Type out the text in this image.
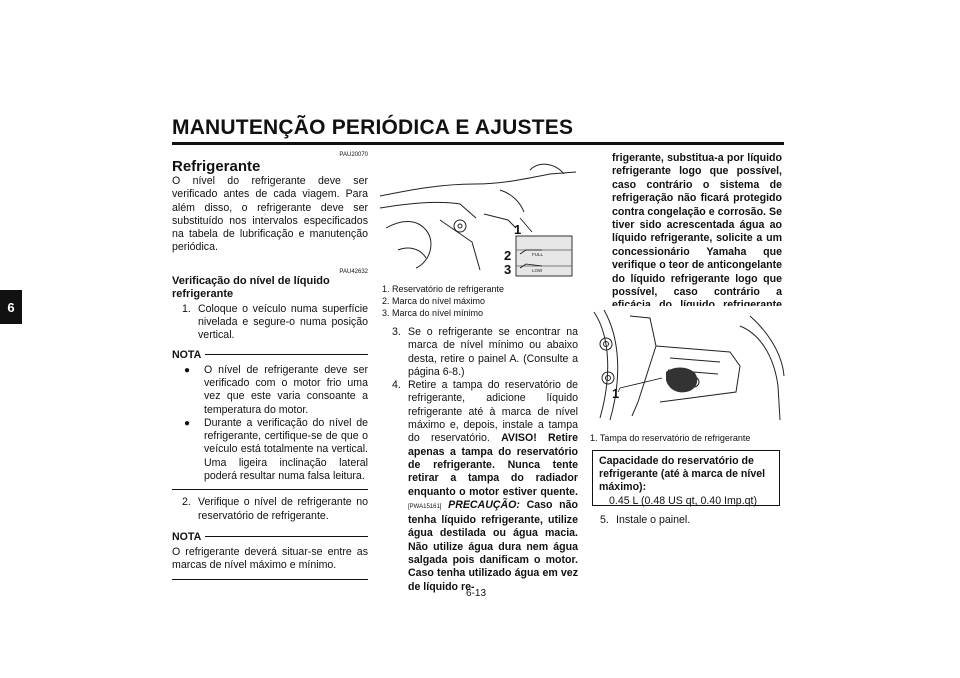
MANUTENÇÃO PERIÓDICA E AJUSTES
6
PAU20070
Refrigerante
O nível do refrigerante deve ser verificado antes de cada viagem. Para além disso, o refrigerante deve ser substituído nos intervalos especificados na tabela de lubrificação e manutenção periódica.
PAU42632
Verificação do nível de líquido refrigerante
1. Coloque o veículo numa superfície nivelada e segure-o numa posição vertical.
NOTA
●	O nível de refrigerante deve ser verificado com o motor frio uma vez que este varia consoante a temperatura do motor.
●	Durante a verificação do nível de refrigerante, certifique-se de que o veículo está totalmente na vertical. Uma ligeira inclinação lateral poderá resultar numa falsa leitura.
2. Verifique o nível de refrigerante no reservatório de refrigerante.
NOTA
O refrigerante deverá situar-se entre as marcas de nível máximo e mínimo.
FULL
LOW
1
2
3
1. Reservatório de refrigerante
2. Marca do nível máximo
3. Marca do nível mínimo
3. Se o refrigerante se encontrar na marca de nível mínimo ou abaixo desta, retire o painel A. (Consulte a página 6-8.)
4. Retire a tampa do reservatório de refrigerante, adicione líquido refrigerante até à marca de nível máximo e, depois, instale a tampa do reservatório. AVISO! Retire apenas a tampa do reservatório de refrigerante. Nunca tente retirar a tampa do radiador enquanto o motor estiver quente. [PWA15161] PRECAUÇÃO: Caso não tenha líquido refrigerante, utilize água destilada ou água macia. Não utilize água dura nem água salgada pois danificam o motor. Caso tenha utilizado água em vez de líquido re-
frigerante, substitua-a por líquido refrigerante logo que possível, caso contrário o sistema de refrigeração não ficará protegido contra congelação e corrosão. Se tiver sido acrescentada água ao líquido refrigerante, solicite a um concessionário Yamaha que verifique o teor de anticongelante do líquido refrigerante logo que possível, caso contrário a
1
1. Tampa do reservatório de refrigerante
Capacidade do reservatório de refrigerante (até à marca de nível máximo):
0.45 L (0.48 US qt, 0.40 Imp.qt)
5. Instale o painel.
6-13
